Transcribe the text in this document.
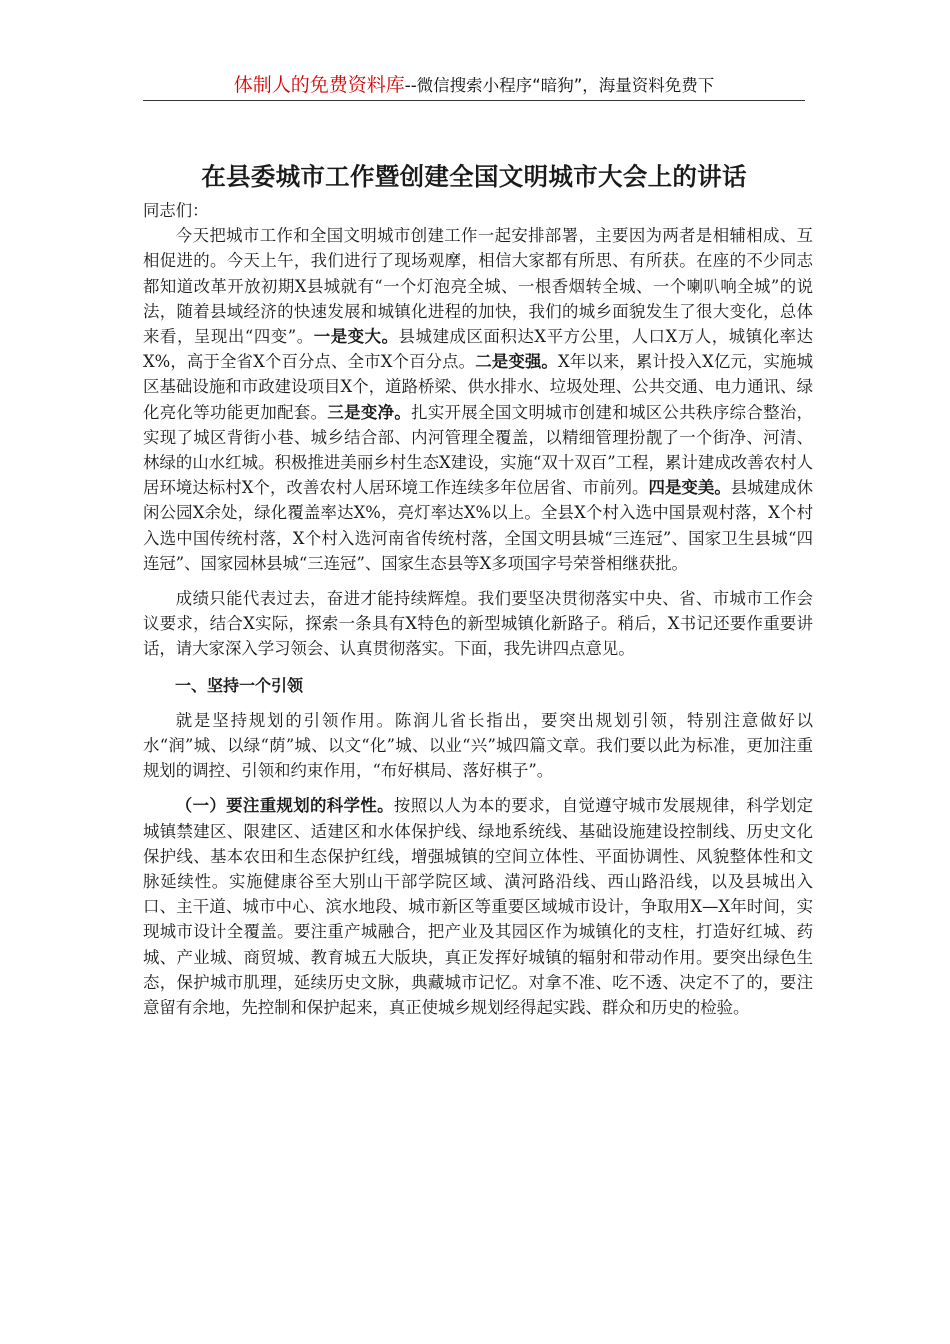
体制人的免费资料库--微信搜索小程序“暗狗”，海量资料免费下
在县委城市工作暨创建全国文明城市大会上的讲话

同志们：

今天把城市工作和全国文明城市创建工作一起安排部署，主要因为两者是相辅相成、互相促进的。今天上午，我们进行了现场观摩，相信大家都有所思、有所获。在座的不少同志都知道改革开放初期X县城就有“一个灯泡亮全城、一根香烟转全城、一个喇叭响全城”的说法，随着县域经济的快速发展和城镇化进程的加快，我们的城乡面貌发生了很大变化，总体来看，呈现出“四变”。一是变大。县城建成区面积达X平方公里，人口X万人，城镇化率达X%，高于全省X个百分点、全市X个百分点。二是变强。X年以来，累计投入X亿元，实施城区基础设施和市政建设项目X个，道路桥梁、供水排水、垃圾处理、公共交通、电力通讯、绿化亮化等功能更加配套。三是变净。扎实开展全国文明城市创建和城区公共秩序综合整治，实现了城区背街小巷、城乡结合部、内河管理全覆盖，以精细管理扮靓了一个街净、河清、林绿的山水红城。积极推进美丽乡村生态X建设，实施“双十双百”工程，累计建成改善农村人居环境达标村X个，改善农村人居环境工作连续多年位居省、市前列。四是变美。县城建成休闲公园X余处，绿化覆盖率达X%，亮灯率达X%以上。全县X个村入选中国景观村落，X个村入选中国传统村落，X个村入选河南省传统村落，全国文明县城“三连冠”、国家卫生县城“四连冠”、国家园林县城“三连冠”、国家生态县等X多项国字号荣誉相继获批。

成绩只能代表过去，奋进才能持续辉煌。我们要坚决贯彻落实中央、省、市城市工作会议要求，结合X实际，探索一条具有X特色的新型城镇化新路子。稍后，X书记还要作重要讲话，请大家深入学习领会、认真贯彻落实。下面，我先讲四点意见。

一、坚持一个引领

就是坚持规划的引领作用。陈润儿省长指出，要突出规划引领，特别注意做好以水“润”城、以绿“荫”城、以文“化”城、以业“兴”城四篇文章。我们要以此为标准，更加注重规划的调控、引领和约束作用，“布好棋局、落好棋子”。

（一）要注重规划的科学性。按照以人为本的要求，自觉遵守城市发展规律，科学划定城镇禁建区、限建区、适建区和水体保护线、绿地系统线、基础设施建设控制线、历史文化保护线、基本农田和生态保护红线，增强城镇的空间立体性、平面协调性、风貌整体性和文脉延续性。实施健康谷至大别山干部学院区域、潢河路沿线、西山路沿线，以及县城出入口、主干道、城市中心、滨水地段、城市新区等重要区域城市设计，争取用X—X年时间，实现城市设计全覆盖。要注重产城融合，把产业及其园区作为城镇化的支柱，打造好红城、药城、产业城、商贸城、教育城五大版块，真正发挥好城镇的辐射和带动作用。要突出绿色生态，保护城市肌理，延续历史文脉，典藏城市记忆。对拿不准、吃不透、决定不了的，要注意留有余地，先控制和保护起来，真正使城乡规划经得起实践、群众和历史的检验。
